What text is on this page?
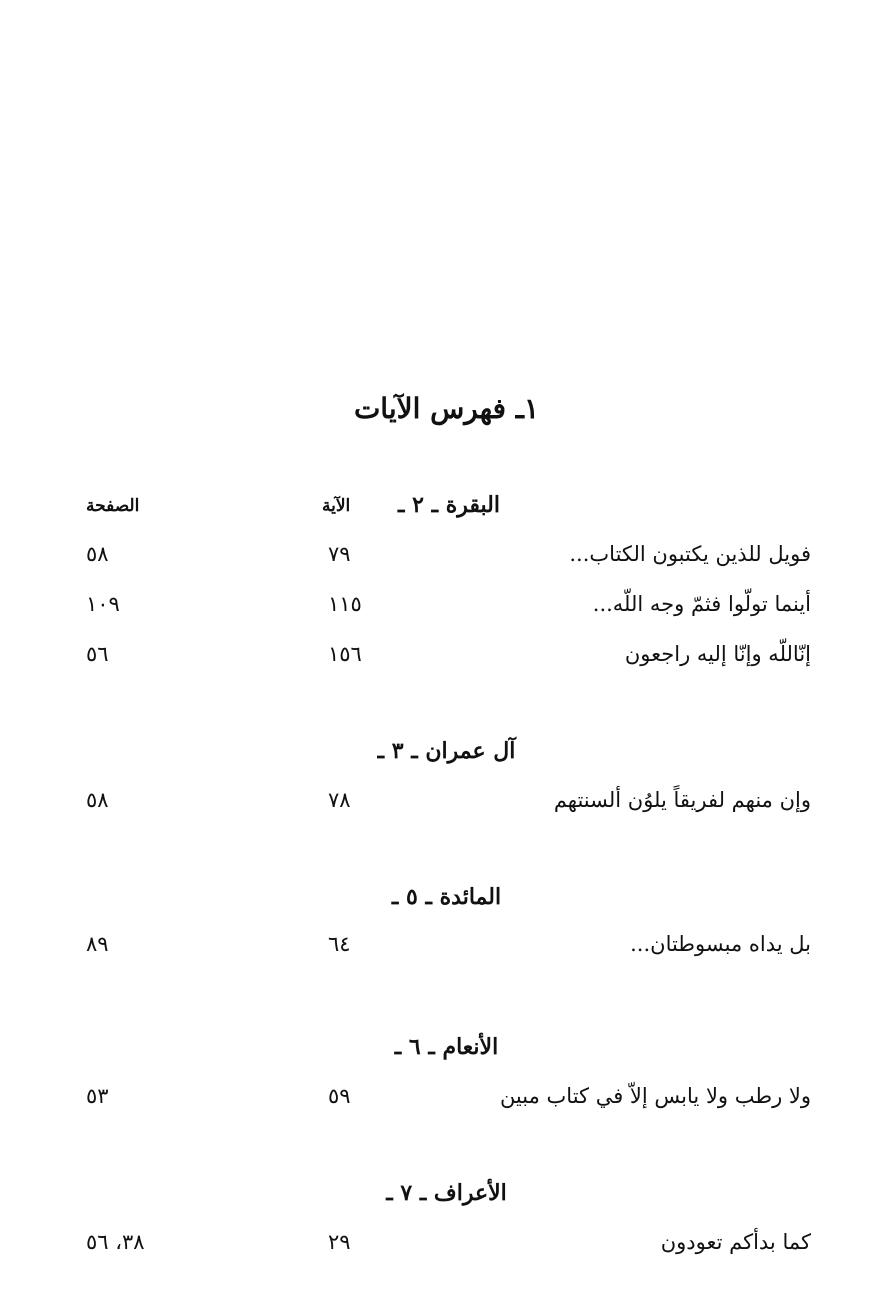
١ـ فهرس الآيات
البقرة ـ ٢ ـ
الآية
الصفحة
فويل للذين يكتبون الكتاب...
٧٩
٥٨
أينما تولّوا فثمّ وجه اللّه...
١١٥
١٠٩
إنّاللّه وإنّا إليه راجعون
١٥٦
٥٦
آل عمران ـ ٣ ـ
وإن منهم لفريقاً يلوُن ألسنتهم
٧٨
٥٨
المائدة ـ ٥ ـ
بل يداه مبسوطتان...
٦٤
٨٩
الأنعام ـ ٦ ـ
ولا رطب ولا يابس إلاّ في كتاب مبين
٥٩
٥٣
الأعراف ـ ٧ ـ
كما بدأكم تعودون
٢٩
٣٨، ٥٦
